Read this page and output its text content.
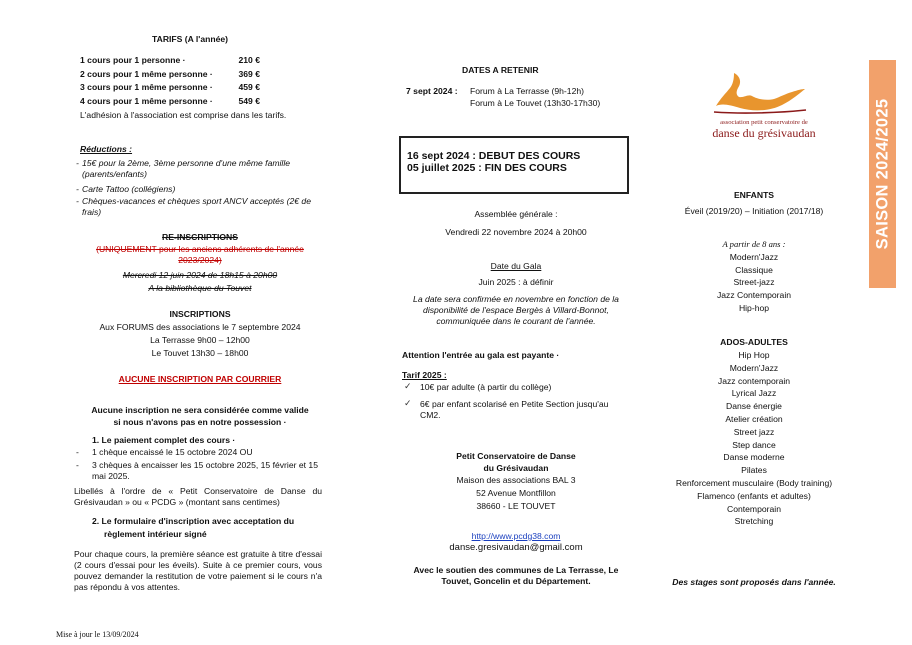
TARIFS (A l'année)
1 cours pour 1 personne ·	210 €
2 cours pour 1 même personne ·	369 €
3 cours pour 1 même personne ·	459 €
4 cours pour 1 même personne ·	549 €
L'adhésion à l'association est comprise dans les tarifs.
Réductions :
- 15€ pour la 2ème, 3ème personne d'une même famille (parents/enfants)
- Carte Tattoo (collégiens)
- Chèques-vacances et chèques sport ANCV acceptés (2€ de frais)
RE-INSCRIPTIONS
(UNIQUEMENT pour les anciens adhérents de l'année 2023/2024)
Mercredi 12 juin 2024 de 18h15 à 20h00
A la bibliothèque du Touvet
INSCRIPTIONS
Aux FORUMS des associations le 7 septembre 2024
La Terrasse 9h00 – 12h00
Le Touvet 13h30 – 18h00
AUCUNE INSCRIPTION PAR COURRIER
Aucune inscription ne sera considérée comme valide
si nous n'avons pas en notre possession ·
1. Le paiement complet des cours ·
- 1 chèque encaissé le 15 octobre 2024 OU
- 3 chèques à encaisser les 15 octobre 2025, 15 février et 15 mai 2025.
Libellés à l'ordre de « Petit Conservatoire de Danse du Grésivaudan » ou « PCDG » (montant sans centimes)
2. Le formulaire d'inscription avec acceptation du
règlement intérieur signé
Pour chaque cours, la première séance est gratuite à titre d'essai (2 cours d'essai pour les éveils). Suite à ce premier cours, vous pouvez demander la restitution de votre paiement si le cours n'a pas répondu à vos attentes.
Mise à jour le 13/09/2024
DATES A RETENIR
7 sept 2024 : Forum à La Terrasse (9h-12h)
Forum à Le Touvet (13h30-17h30)
16 sept 2024 : DEBUT DES COURS
05 juillet 2025 : FIN DES COURS
Assemblée générale :
Vendredi 22 novembre 2024 à 20h00
Date du Gala
Juin 2025 : à définir
La date sera confirmée en novembre en fonction de la disponibilité de l'espace Bergès à Villard-Bonnot, communiquée dans le courant de l'année.
Attention l'entrée au gala est payante ·
Tarif 2025 :
✓ 10€ par adulte (à partir du collège)
✓ 6€ par enfant scolarisé en Petite Section jusqu'au CM2.
Petit Conservatoire de Danse
du Grésivaudan
Maison des associations BAL 3
52 Avenue Montfillon
38660 - LE TOUVET
http://www.pcdg38.com
danse.gresivaudan@gmail.com
Avec le soutien des communes de La Terrasse, Le Touvet, Goncelin et du Département.
association petit conservatoire de
danse du grésivaudan	SAISON 2024/2025
ENFANTS
Éveil (2019/20) – Initiation (2017/18)
A partir de 8 ans :
Modern'Jazz
Classique
Street-jazz
Jazz Contemporain
Hip-hop
ADOS-ADULTES
Hip Hop
Modern'Jazz
Jazz contemporain
Lyrical Jazz
Danse énergie
Atelier création
Street jazz
Step dance
Danse moderne
Pilates
Renforcement musculaire (Body training)
Flamenco (enfants et adultes)
Contemporain
Stretching
Des stages sont proposés dans l'année.
